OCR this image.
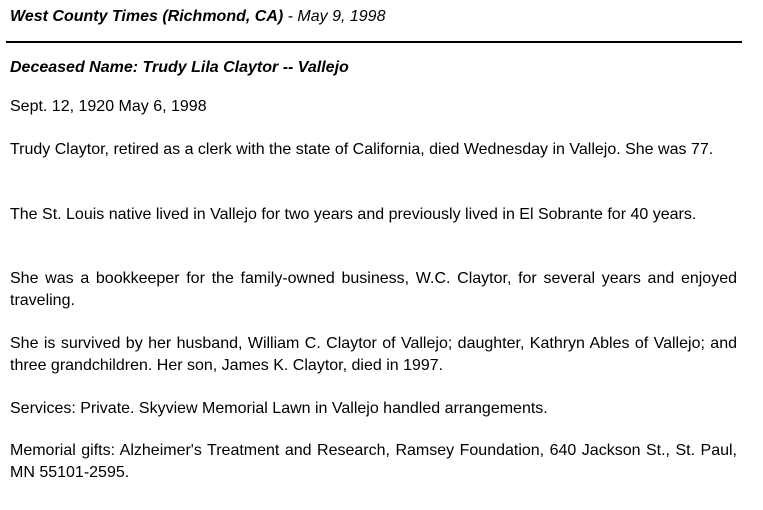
West County Times (Richmond, CA) - May 9, 1998
Deceased Name: Trudy Lila Claytor -- Vallejo

Sept. 12, 1920 May 6, 1998

Trudy Claytor, retired as a clerk with the state of California, died Wednesday in Vallejo. She was 77.

The St. Louis native lived in Vallejo for two years and previously lived in El Sobrante for 40 years.

She was a bookkeeper for the family-owned business, W.C. Claytor, for several years and enjoyed traveling.

She is survived by her husband, William C. Claytor of Vallejo; daughter, Kathryn Ables of Vallejo; and three grandchildren. Her son, James K. Claytor, died in 1997.

Services: Private. Skyview Memorial Lawn in Vallejo handled arrangements.

Memorial gifts: Alzheimer's Treatment and Research, Ramsey Foundation, 640 Jackson St., St. Paul, MN 55101-2595.
